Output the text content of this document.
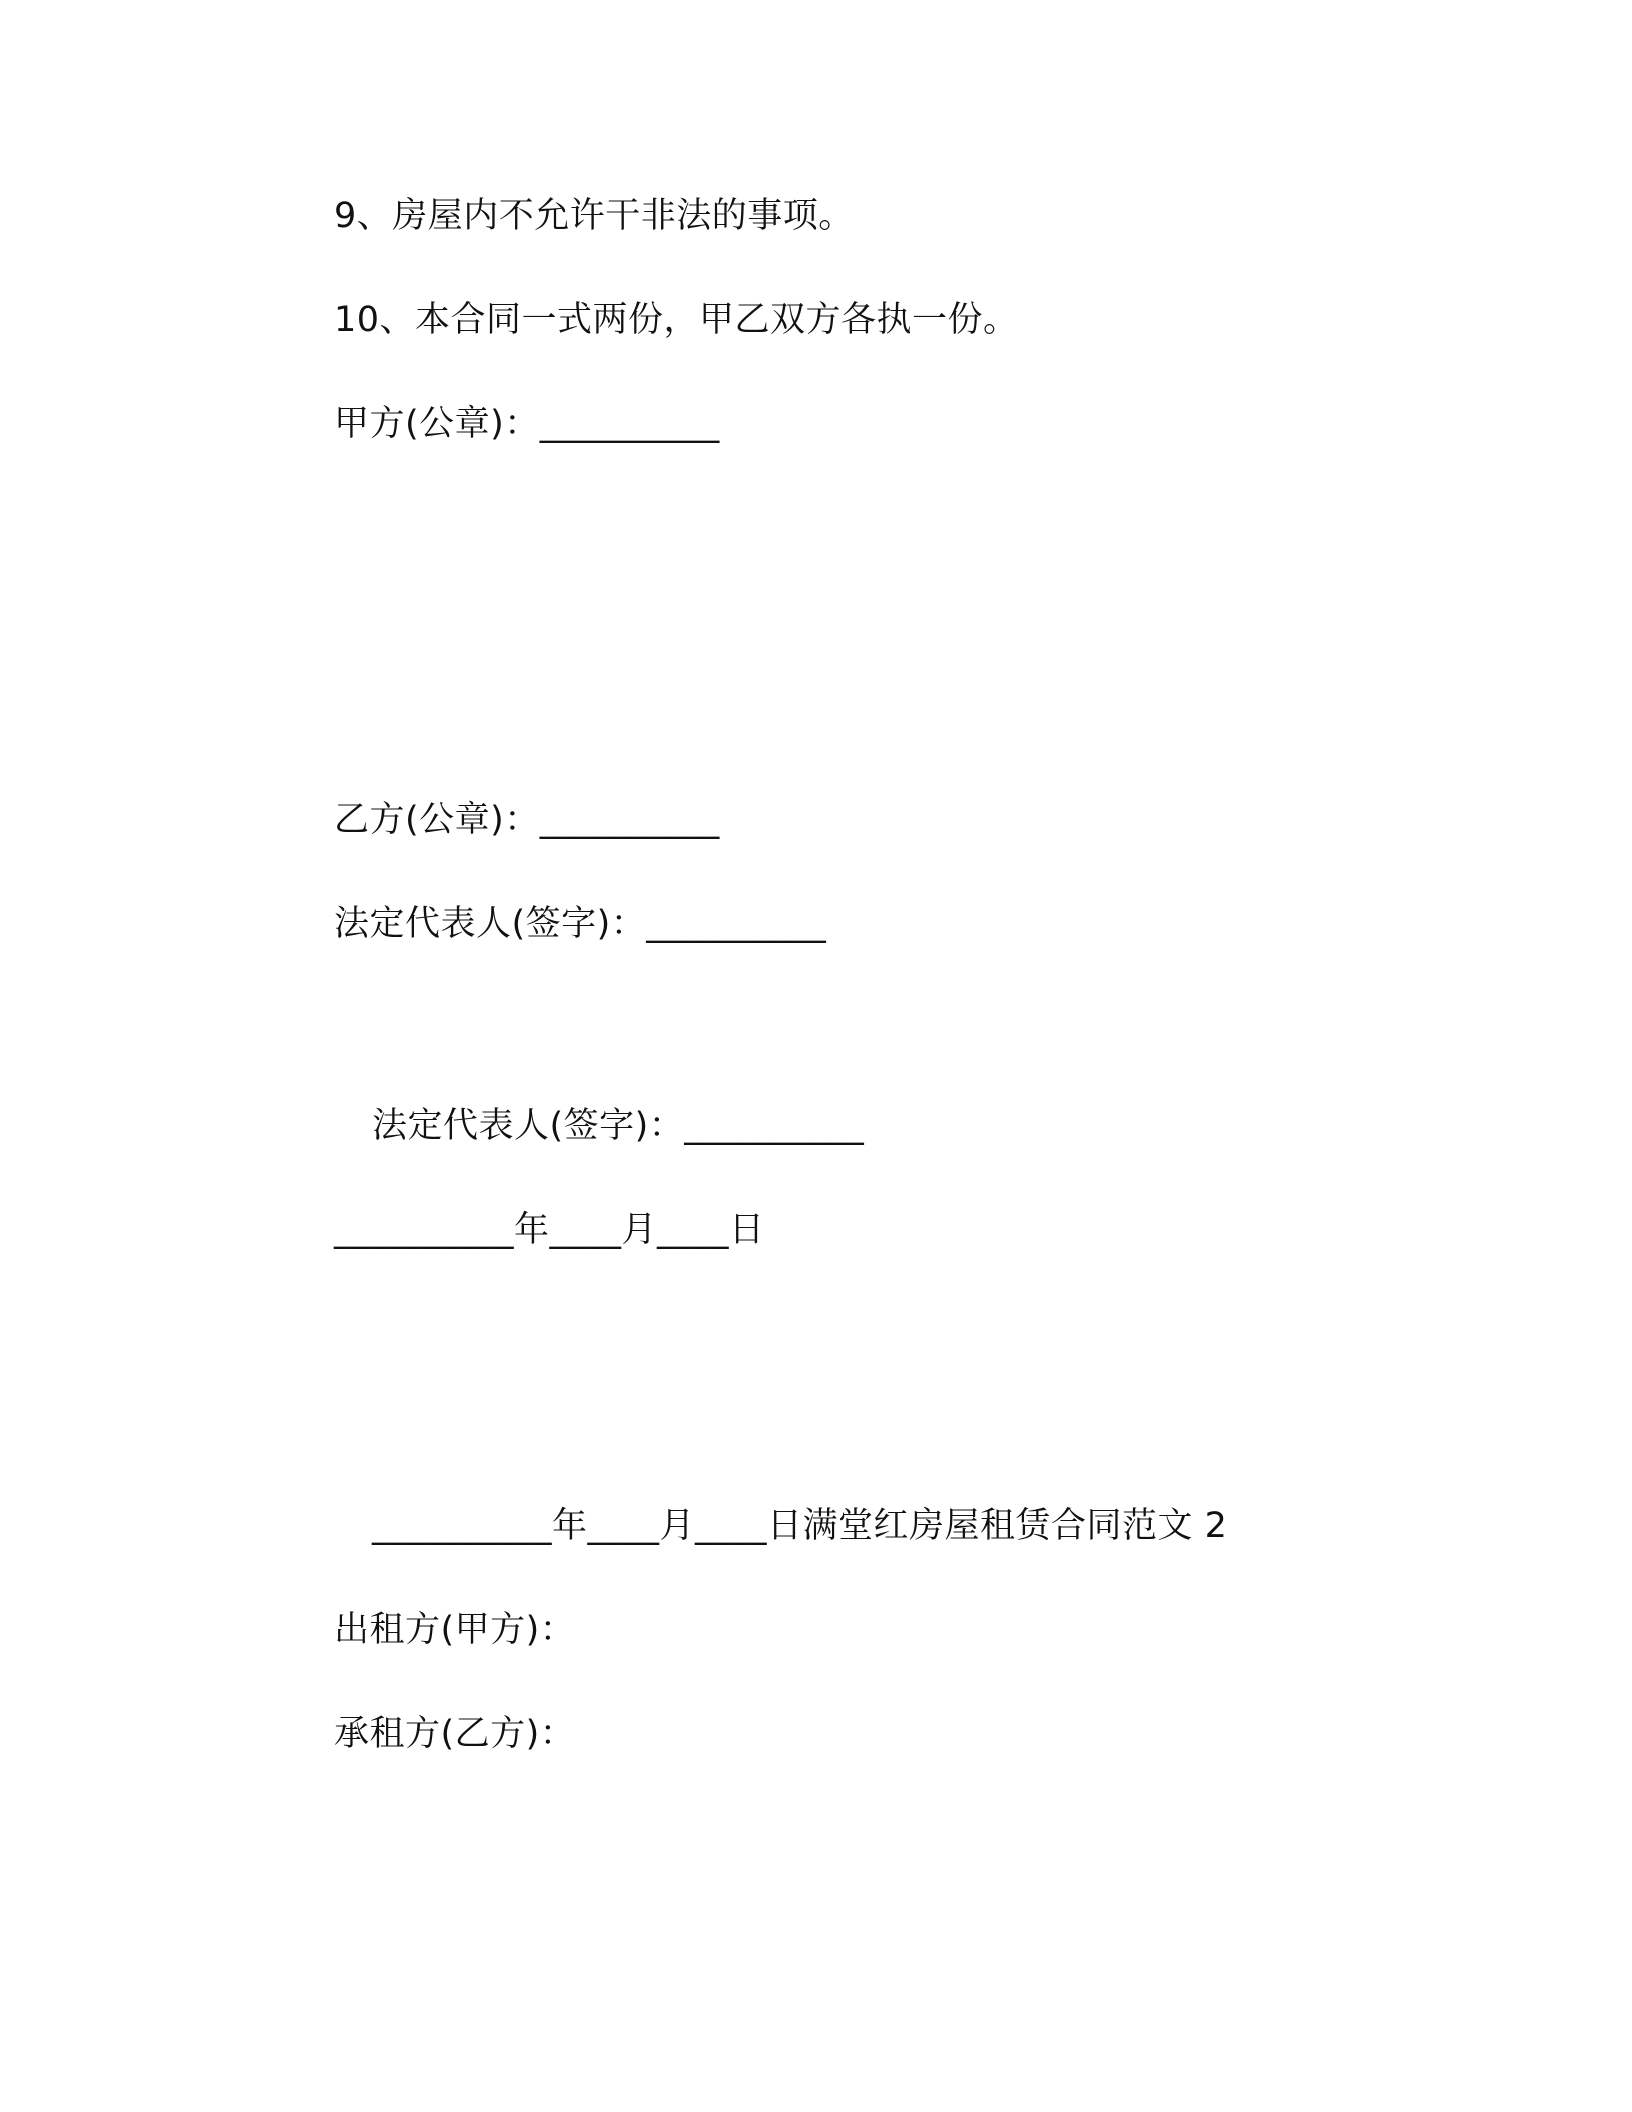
9、房屋内不允许干非法的事项。
10、本合同一式两份，甲乙双方各执一份。
甲方(公章)：__________
乙方(公章)：__________
法定代表人(签字)：__________
法定代表人(签字)：__________
__________年____月____日
__________年____月____日满堂红房屋租赁合同范文 2
出租方(甲方)：
承租方(乙方)：
